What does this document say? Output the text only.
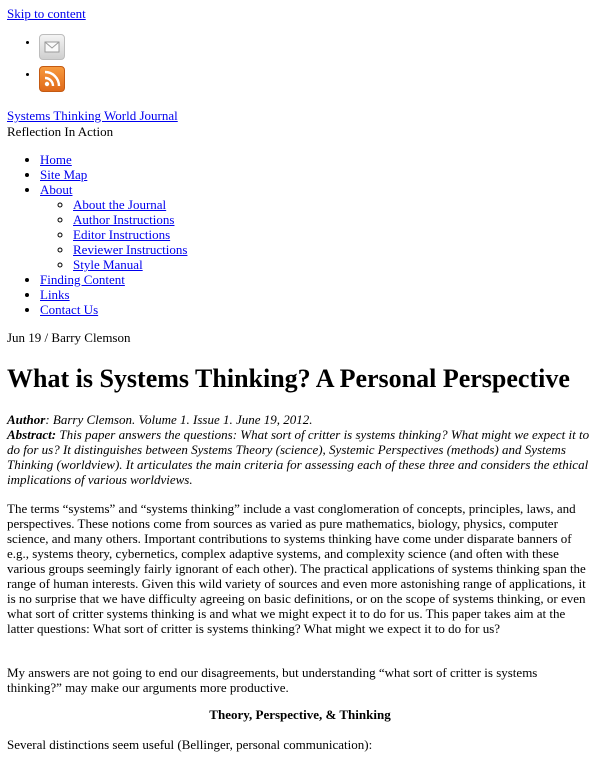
Skip to content
•
•
Systems Thinking World Journal
Reflection In Action
• Home
• Site Map
• About
◦ About the Journal
◦ Author Instructions
◦ Editor Instructions
◦ Reviewer Instructions
◦ Style Manual
• Finding Content
• Links
• Contact Us
Jun 19 / Barry Clemson
What is Systems Thinking? A Personal Perspective
Author: Barry Clemson. Volume 1. Issue 1. June 19, 2012.
Abstract: This paper answers the questions: What sort of critter is systems thinking? What might we expect it to do for us? It distinguishes between Systems Theory (science), Systemic Perspectives (methods) and Systems Thinking (worldview). It articulates the main criteria for assessing each of these three and considers the ethical implications of various worldviews.

The terms “systems” and “systems thinking” include a vast conglomeration of concepts, principles, laws, and perspectives. These notions come from sources as varied as pure mathematics, biology, physics, computer science, and many others. Important contributions to systems thinking have come under disparate banners of e.g., systems theory, cybernetics, complex adaptive systems, and complexity science (and often with these various groups seemingly fairly ignorant of each other). The practical applications of systems thinking span the range of human interests. Given this wild variety of sources and even more astonishing range of applications, it is no surprise that we have difficulty agreeing on basic definitions, or on the scope of systems thinking, or even what sort of critter systems thinking is and what we might expect it to do for us. This paper takes aim at the latter questions: What sort of critter is systems thinking? What might we expect it to do for us?

My answers are not going to end our disagreements, but understanding “what sort of critter is systems thinking?” may make our arguments more productive.

Theory, Perspective, & Thinking

Several distinctions seem useful (Bellinger, personal communication):
